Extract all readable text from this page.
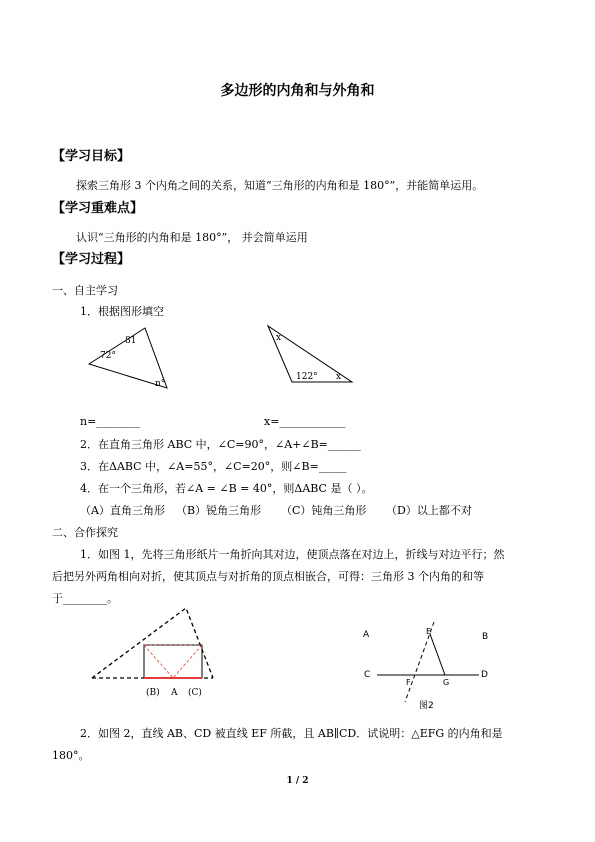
多边形的内角和与外角和
【学习目标】
探索三角形 3 个内角之间的关系，知道“三角形的内角和是 180°”，并能简单运用。
【学习重难点】
认识“三角形的内角和是 180°”， 并会简单运用
【学习过程】
一、自主学习
1．根据图形填空
81
72°
n°
x
122° x
n=________	x=____________
2．在直角三角形 ABC 中，∠C=90°，∠A+∠B=______
3．在ΔABC 中，∠A=55°，∠C=20°，则∠B=_____
4．在一个三角形，若∠A = ∠B = 40°，则ΔABC 是（ ）。
（A）直角三角形 （B）锐角三角形 （C）钝角三角形 （D）以上都不对
二、合作探究
1．如图 1，先将三角形纸片一角折向其对边，使顶点落在对边上，折线与对边平行；然
后把另外两角相向对折，使其顶点与对折角的顶点相嵌合，可得：三角形 3 个内角的和等
于________。
(B) A (C)
A	B
C	D
E
F	G
图2
2．如图 2，直线 AB、CD 被直线 EF 所截，且 AB∥CD．试说明：△EFG 的内角和是
180°。
1 / 2
